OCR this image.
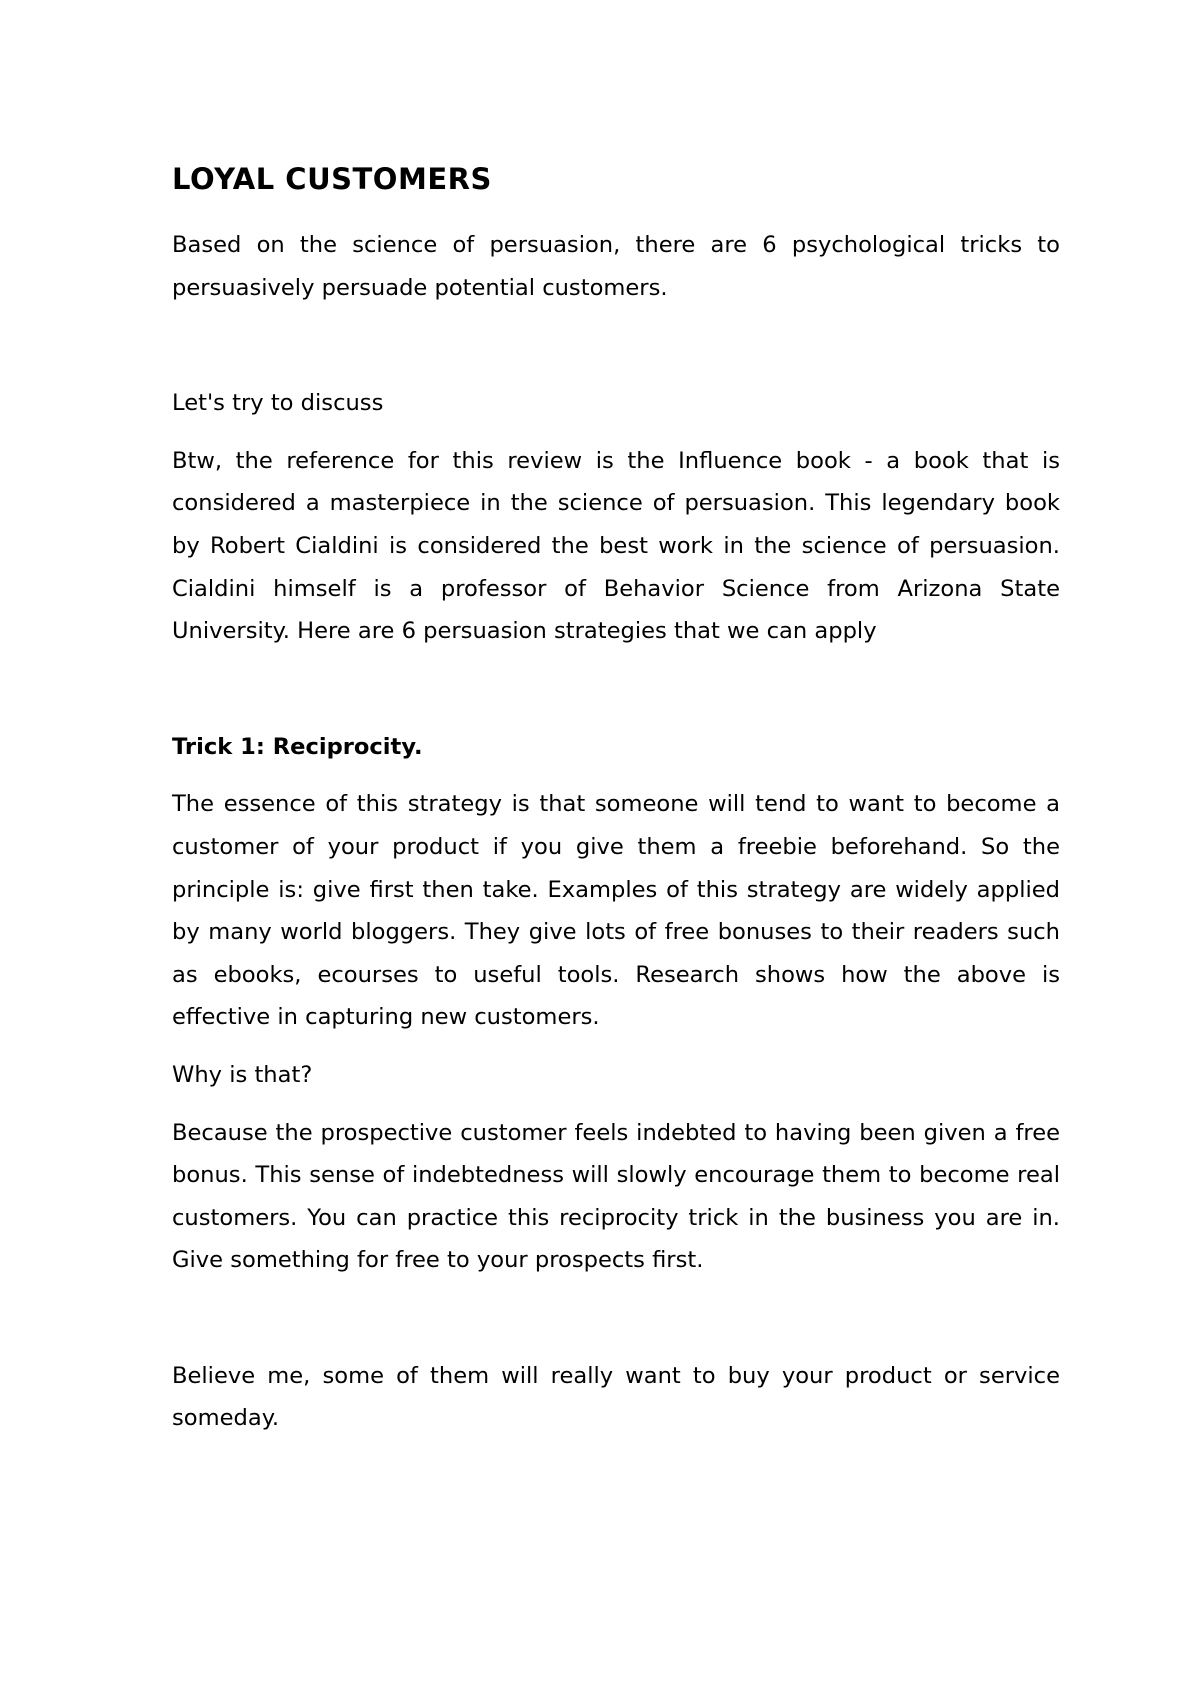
LOYAL CUSTOMERS

Based on the science of persuasion, there are 6 psychological tricks to persuasively persuade potential customers.

Let's try to discuss

Btw, the reference for this review is the Influence book - a book that is considered a masterpiece in the science of persuasion. This legendary book by Robert Cialdini is considered the best work in the science of persuasion. Cialdini himself is a professor of Behavior Science from Arizona State University. Here are 6 persuasion strategies that we can apply

Trick 1: Reciprocity.

The essence of this strategy is that someone will tend to want to become a customer of your product if you give them a freebie beforehand. So the principle is: give first then take. Examples of this strategy are widely applied by many world bloggers. They give lots of free bonuses to their readers such as ebooks, ecourses to useful tools. Research shows how the above is effective in capturing new customers.

Why is that?

Because the prospective customer feels indebted to having been given a free bonus. This sense of indebtedness will slowly encourage them to become real customers. You can practice this reciprocity trick in the business you are in. Give something for free to your prospects first.

Believe me, some of them will really want to buy your product or service someday.
